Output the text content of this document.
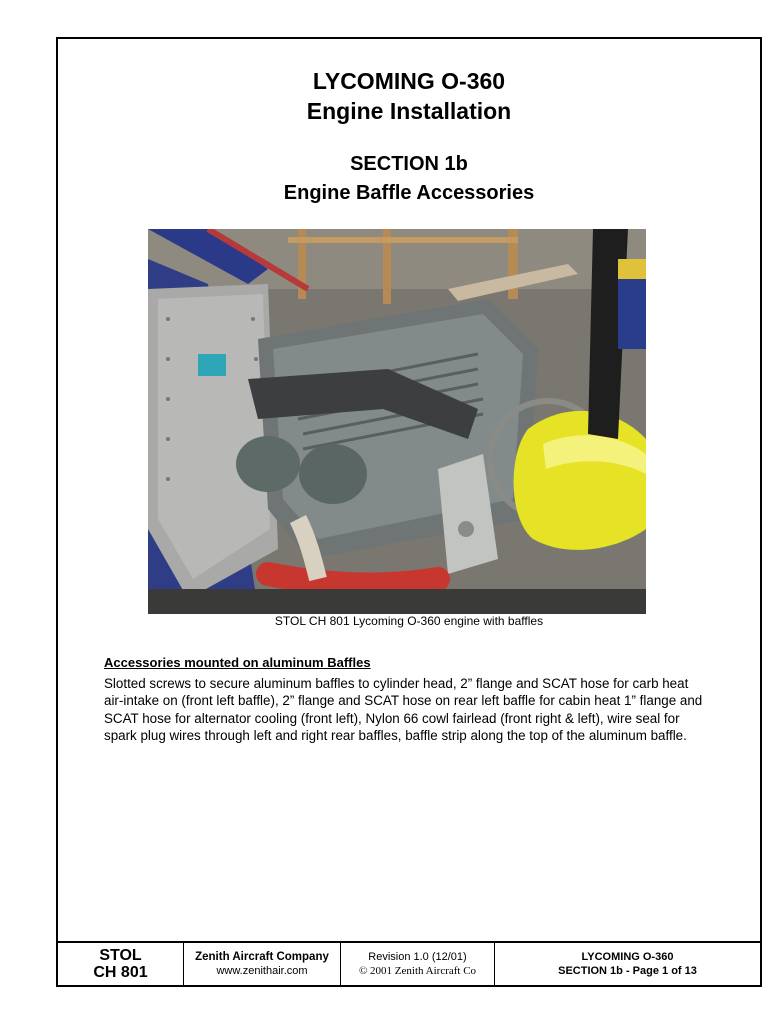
LYCOMING O-360
Engine Installation
SECTION 1b
Engine Baffle Accessories
STOL CH 801 Lycoming O-360 engine with baffles
Accessories mounted on aluminum Baffles
Slotted screws to secure aluminum baffles to cylinder head, 2” flange and SCAT hose for carb heat air-intake on (front left baffle), 2” flange and SCAT hose on rear left baffle for cabin heat 1” flange and SCAT hose for alternator cooling (front left), Nylon 66 cowl fairlead (front right & left), wire seal for spark plug wires through left and right rear baffles, baffle strip along the top of the aluminum baffle.
STOL
CH 801
Zenith Aircraft Company
www.zenithair.com
Revision 1.0 (12/01)
© 2001 Zenith Aircraft Co
LYCOMING O-360
SECTION 1b - Page 1 of 13
